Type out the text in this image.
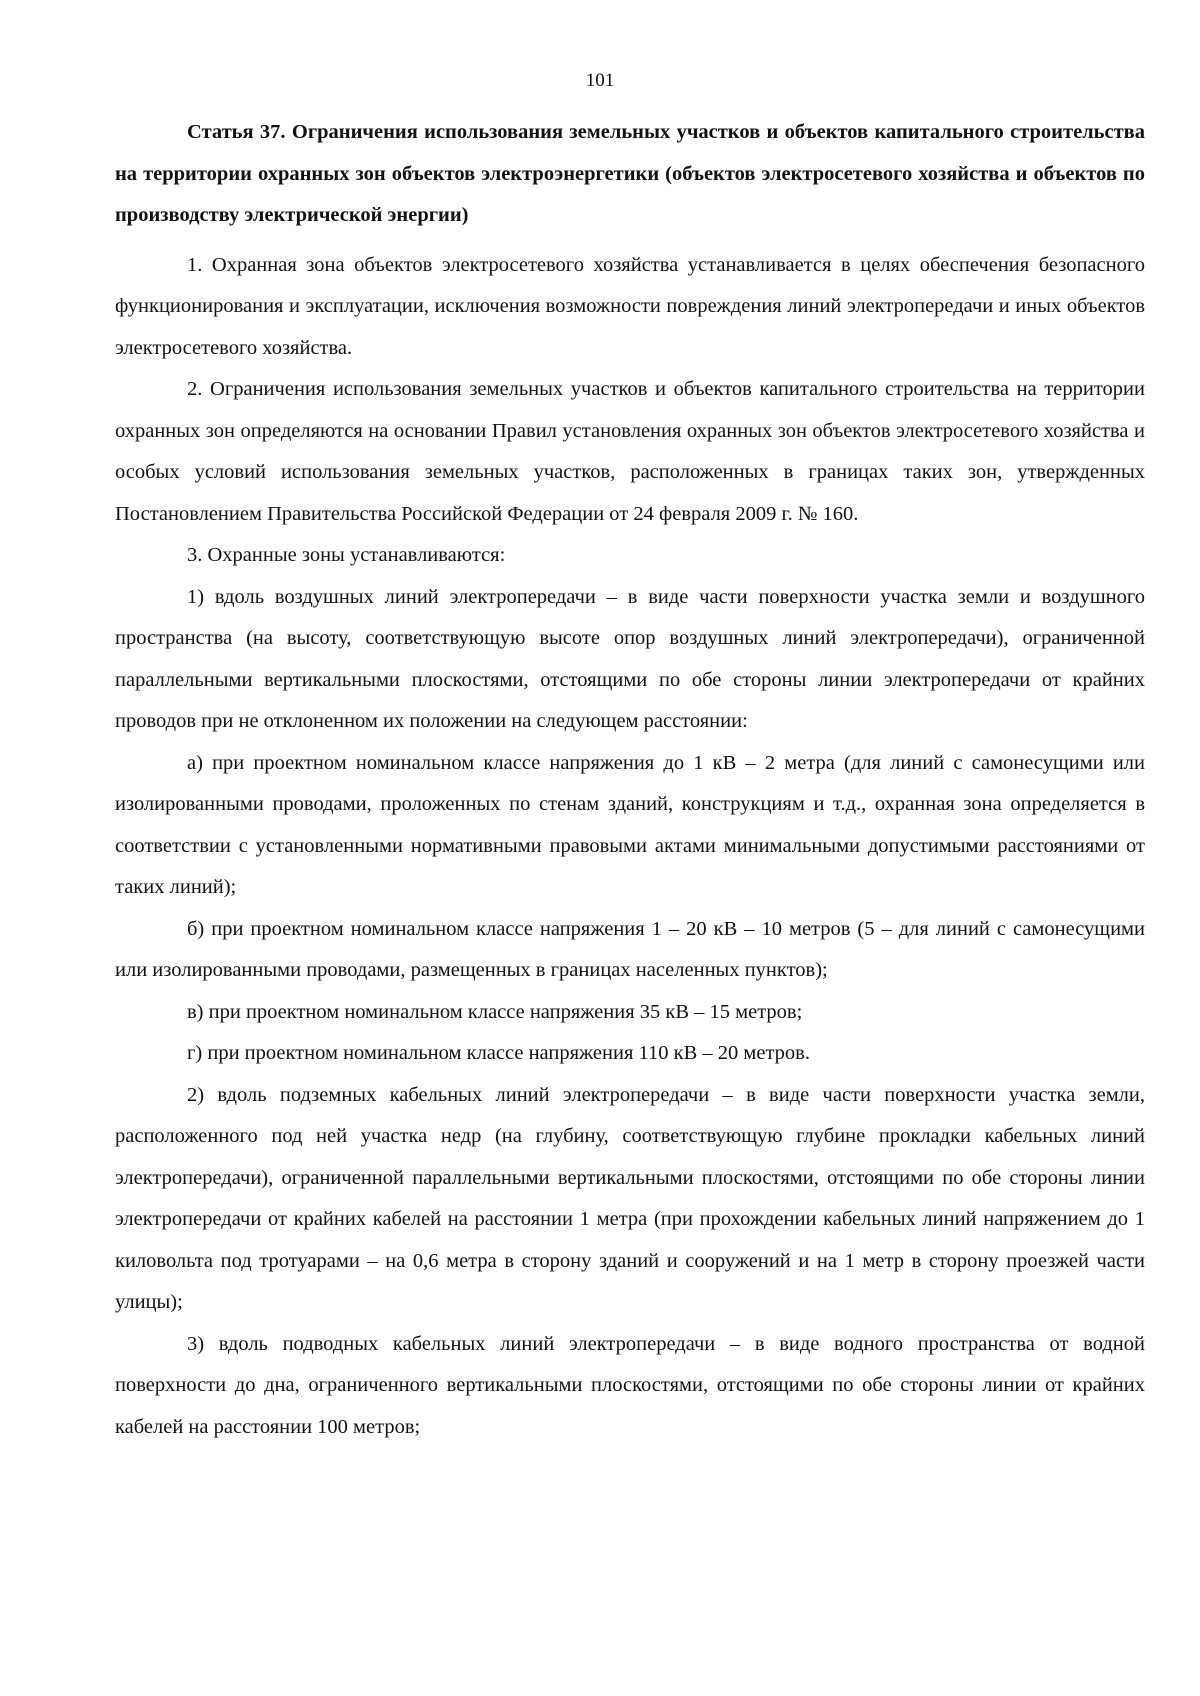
101

Статья 37. Ограничения использования земельных участков и объектов капитального строительства на территории охранных зон объектов электроэнергетики (объектов электросетевого хозяйства и объектов по производству электрической энергии)

1. Охранная зона объектов электросетевого хозяйства устанавливается в целях обеспечения безопасного функционирования и эксплуатации, исключения возможности повреждения линий электропередачи и иных объектов электросетевого хозяйства.

2. Ограничения использования земельных участков и объектов капитального строительства на территории охранных зон определяются на основании Правил установления охранных зон объектов электросетевого хозяйства и особых условий использования земельных участков, расположенных в границах таких зон, утвержденных Постановлением Правительства Российской Федерации от 24 февраля 2009 г. № 160.

3. Охранные зоны устанавливаются:

1) вдоль воздушных линий электропередачи – в виде части поверхности участка земли и воздушного пространства (на высоту, соответствующую высоте опор воздушных линий электропередачи), ограниченной параллельными вертикальными плоскостями, отстоящими по обе стороны линии электропередачи от крайних проводов при не отклоненном их положении на следующем расстоянии:

а) при проектном номинальном классе напряжения до 1 кВ – 2 метра (для линий с самонесущими или изолированными проводами, проложенных по стенам зданий, конструкциям и т.д., охранная зона определяется в соответствии с установленными нормативными правовыми актами минимальными допустимыми расстояниями от таких линий);

б) при проектном номинальном классе напряжения 1 – 20 кВ – 10 метров (5 – для линий с самонесущими или изолированными проводами, размещенных в границах населенных пунктов);

в) при проектном номинальном классе напряжения 35 кВ – 15 метров;

г) при проектном номинальном классе напряжения 110 кВ – 20 метров.

2) вдоль подземных кабельных линий электропередачи – в виде части поверхности участка земли, расположенного под ней участка недр (на глубину, соответствующую глубине прокладки кабельных линий электропередачи), ограниченной параллельными вертикальными плоскостями, отстоящими по обе стороны линии электропередачи от крайних кабелей на расстоянии 1 метра (при прохождении кабельных линий напряжением до 1 киловольта под тротуарами – на 0,6 метра в сторону зданий и сооружений и на 1 метр в сторону проезжей части улицы);

3) вдоль подводных кабельных линий электропередачи – в виде водного пространства от водной поверхности до дна, ограниченного вертикальными плоскостями, отстоящими по обе стороны линии от крайних кабелей на расстоянии 100 метров;
